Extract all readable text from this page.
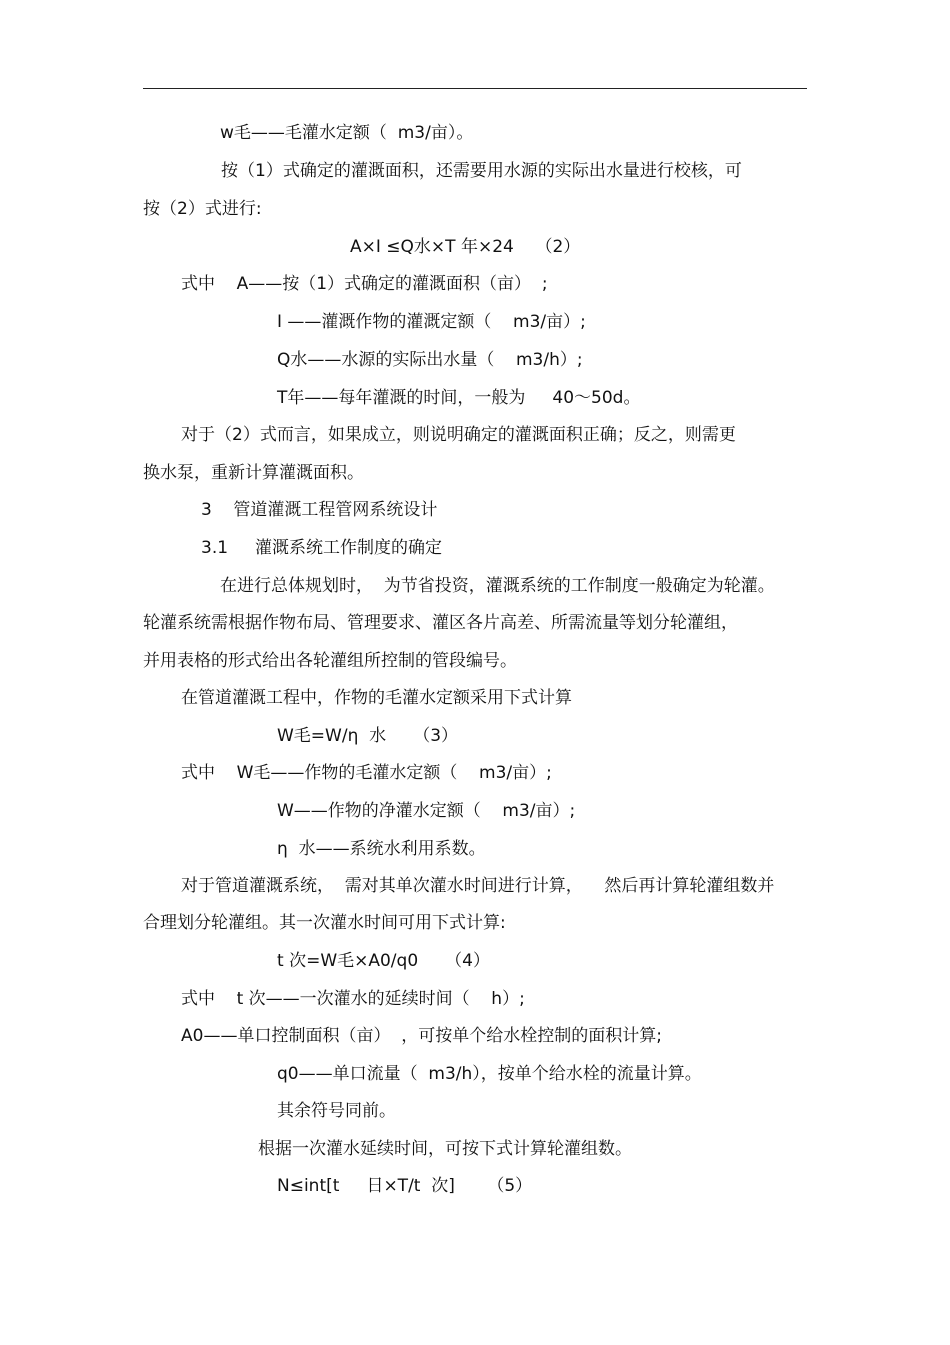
w毛——毛灌水定额（  m3/亩）。
按（1）式确定的灌溉面积，还需要用水源的实际出水量进行校核，可
按（2）式进行:
A×I ≤Q水×T 年×24    （2）
式中    A——按（1）式确定的灌溉面积（亩）  ;
I ——灌溉作物的灌溉定额（    m3/亩）;
Q水——水源的实际出水量（    m3/h）;
T年——每年灌溉的时间，一般为     40～50d。
对于（2）式而言，如果成立，则说明确定的灌溉面积正确；反之，则需更
换水泵，重新计算灌溉面积。
3    管道灌溉工程管网系统设计
3.1     灌溉系统工作制度的确定
在进行总体规划时，  为节省投资，灌溉系统的工作制度一般确定为轮灌。
轮灌系统需根据作物布局、管理要求、灌区各片高差、所需流量等划分轮灌组，
并用表格的形式给出各轮灌组所控制的管段编号。
在管道灌溉工程中，作物的毛灌水定额采用下式计算
W毛=W/η  水     （3）
式中    W毛——作物的毛灌水定额（    m3/亩）;
W——作物的净灌水定额（    m3/亩）;
η  水——系统水利用系数。
对于管道灌溉系统，  需对其单次灌水时间进行计算，    然后再计算轮灌组数并
合理划分轮灌组。其一次灌水时间可用下式计算:
t 次=W毛×A0/q0     （4）
式中    t 次——一次灌水的延续时间（    h）;
A0——单口控制面积（亩）  ，可按单个给水栓控制的面积计算;
q0——单口流量（  m3/h），按单个给水栓的流量计算。
其余符号同前。
根据一次灌水延续时间，可按下式计算轮灌组数。
N≤int[t     日×T/t  次]      （5）
